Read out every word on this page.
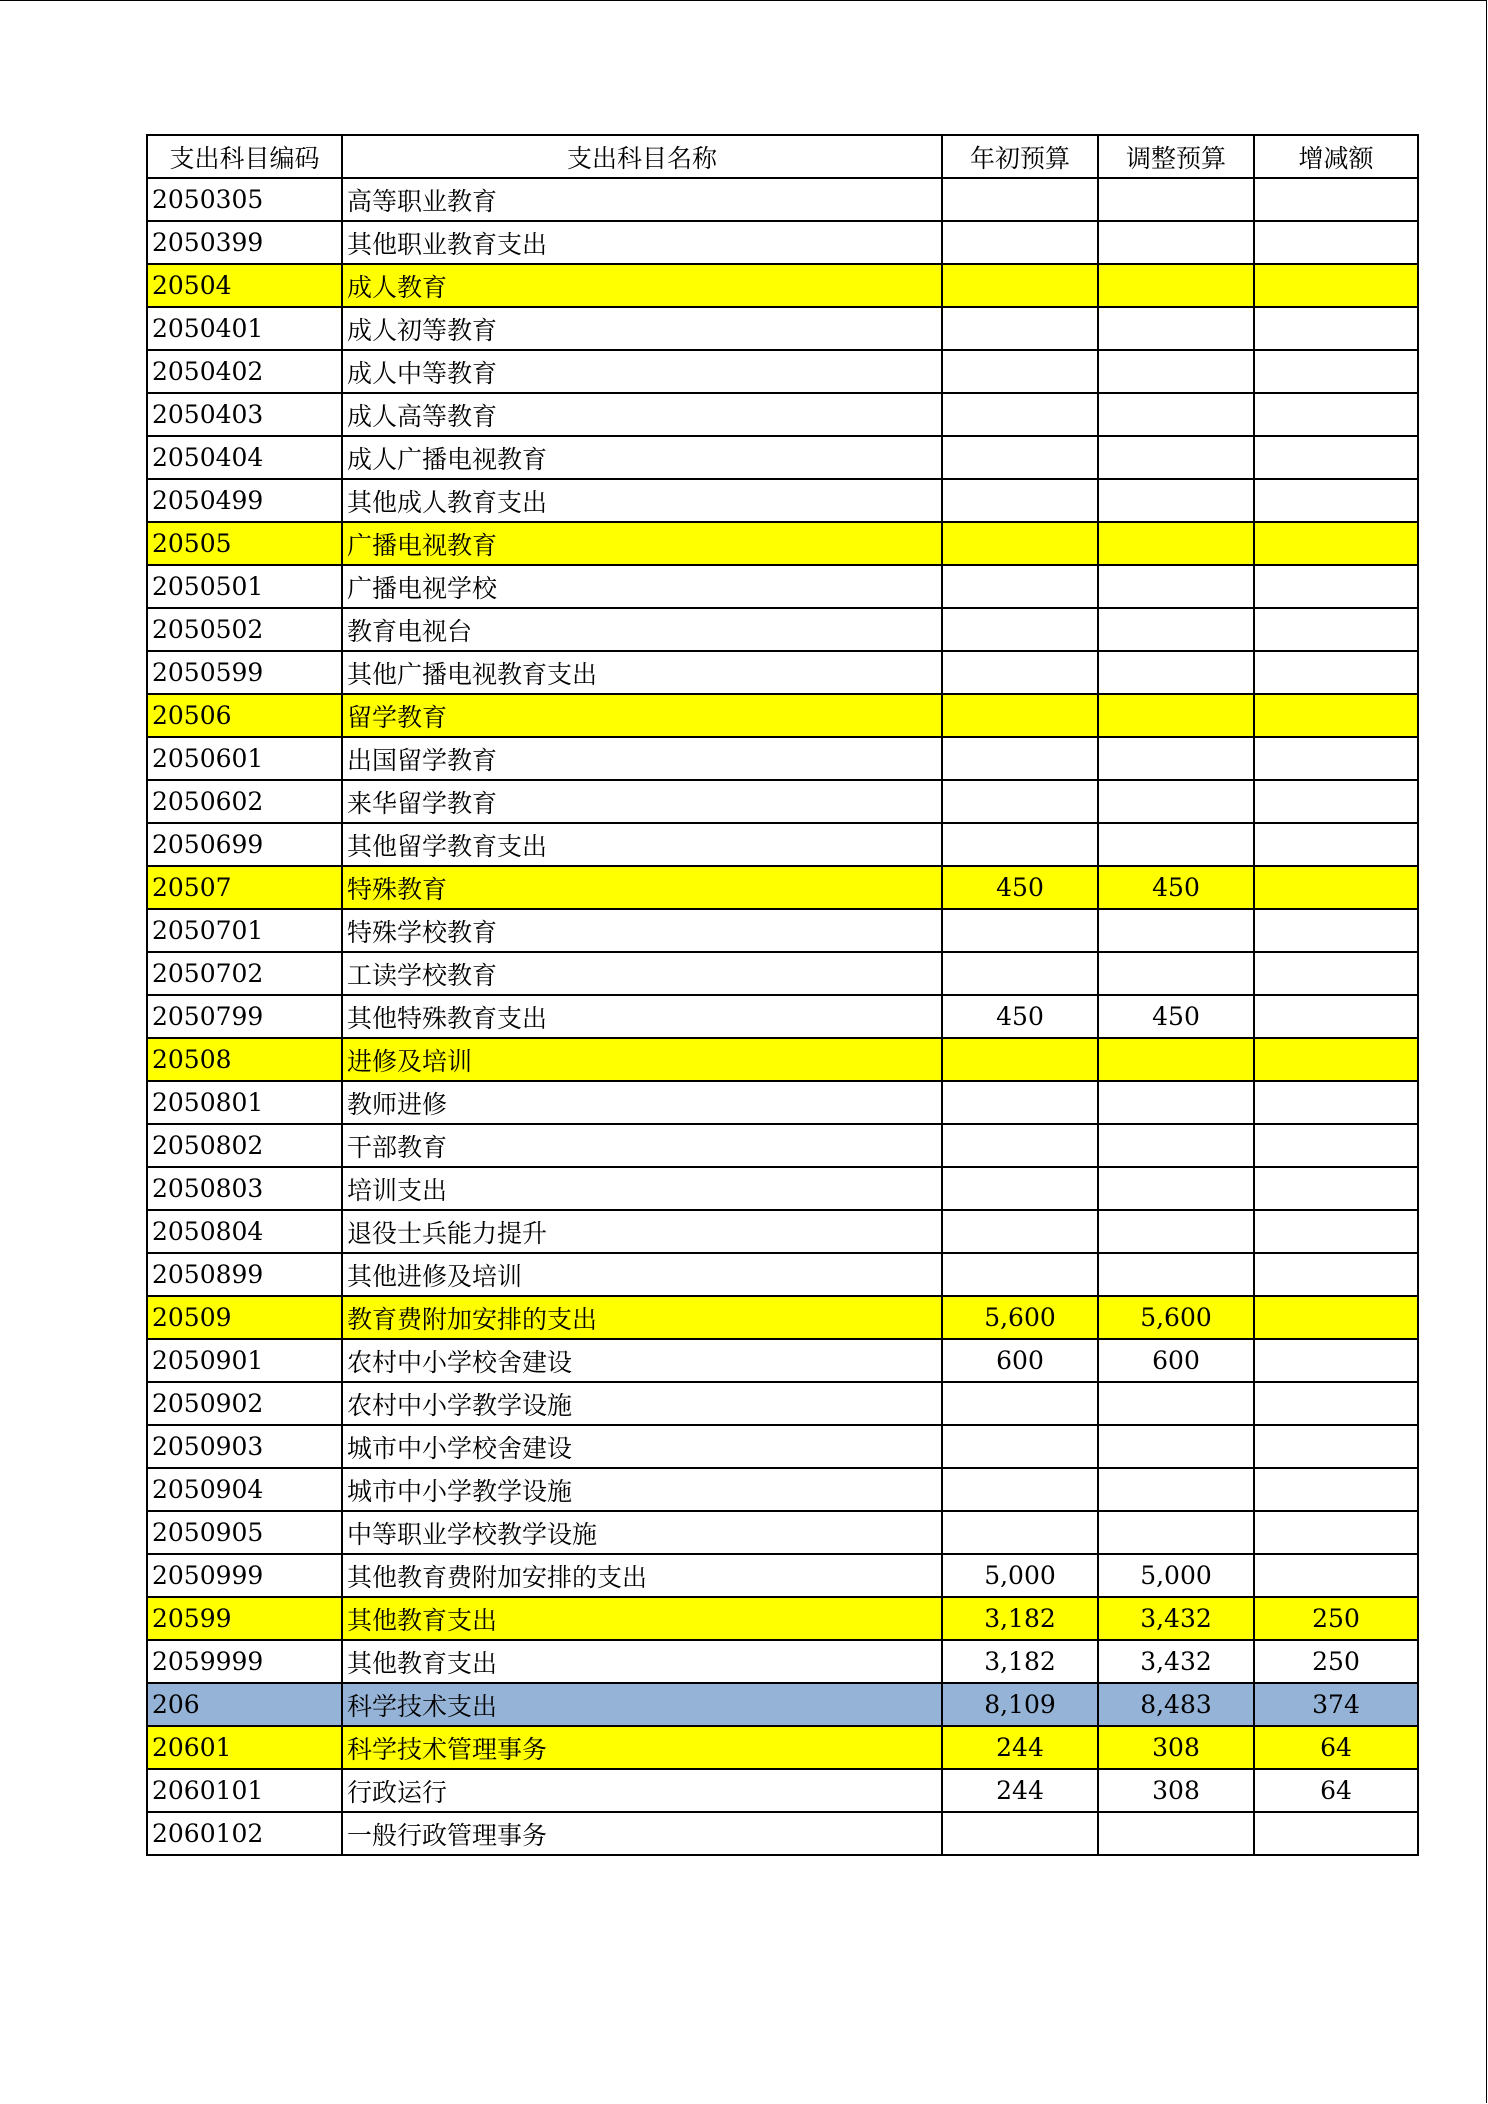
支出科目编码	支出科目名称	年初预算	调整预算	增减额
2050305	高等职业教育			
2050399	其他职业教育支出			
20504	成人教育			
2050401	成人初等教育			
2050402	成人中等教育			
2050403	成人高等教育			
2050404	成人广播电视教育			
2050499	其他成人教育支出			
20505	广播电视教育			
2050501	广播电视学校			
2050502	教育电视台			
2050599	其他广播电视教育支出			
20506	留学教育			
2050601	出国留学教育			
2050602	来华留学教育			
2050699	其他留学教育支出			
20507	特殊教育	450	450	
2050701	特殊学校教育			
2050702	工读学校教育			
2050799	其他特殊教育支出	450	450	
20508	进修及培训			
2050801	教师进修			
2050802	干部教育			
2050803	培训支出			
2050804	退役士兵能力提升			
2050899	其他进修及培训			
20509	教育费附加安排的支出	5,600	5,600	
2050901	农村中小学校舍建设	600	600	
2050902	农村中小学教学设施			
2050903	城市中小学校舍建设			
2050904	城市中小学教学设施			
2050905	中等职业学校教学设施			
2050999	其他教育费附加安排的支出	5,000	5,000	
20599	其他教育支出	3,182	3,432	250
2059999	其他教育支出	3,182	3,432	250
206	科学技术支出	8,109	8,483	374
20601	科学技术管理事务	244	308	64
2060101	行政运行	244	308	64
2060102	一般行政管理事务			
